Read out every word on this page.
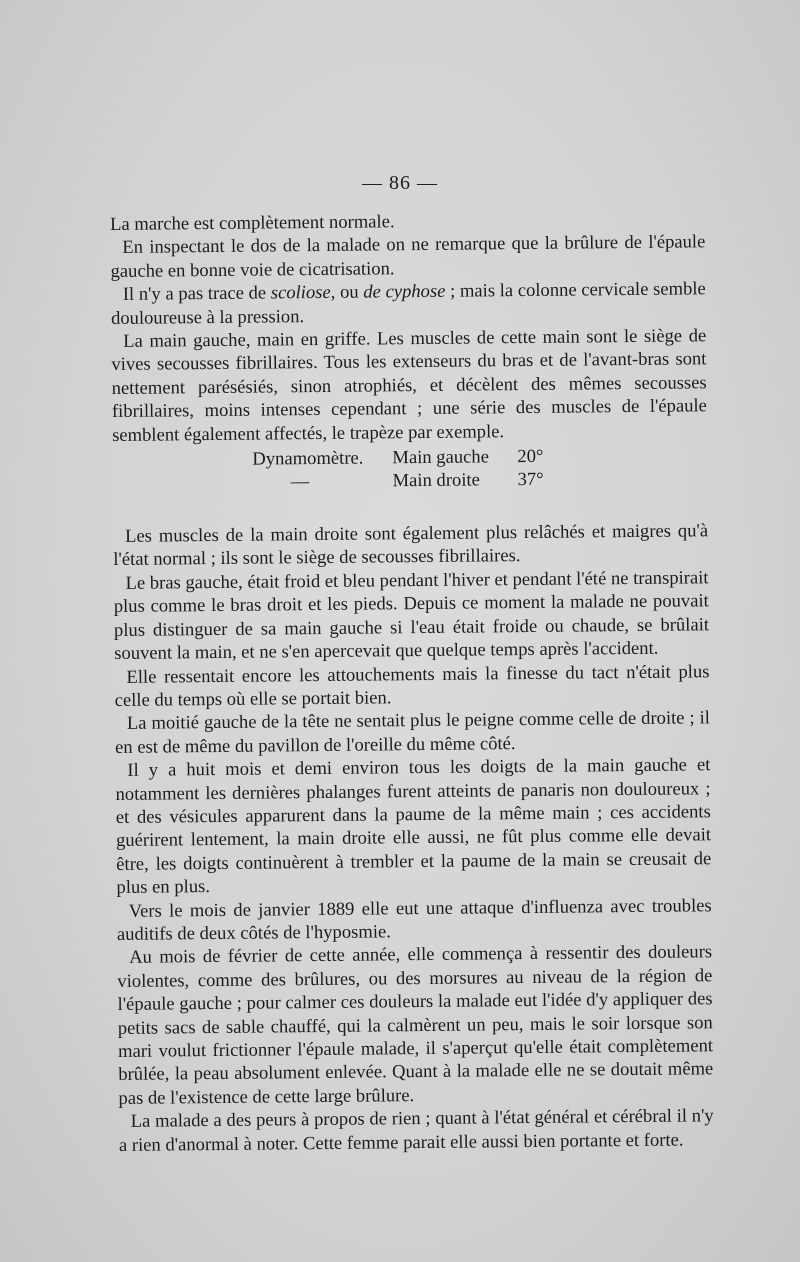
— 86 —

La marche est complètement normale.

En inspectant le dos de la malade on ne remarque que la brûlure de l'épaule gauche en bonne voie de cicatrisation.

Il n'y a pas trace de scoliose, ou de cyphose ; mais la colonne cervicale semble douloureuse à la pression.

La main gauche, main en griffe. Les muscles de cette main sont le siège de vives secousses fibrillaires. Tous les extenseurs du bras et de l'avant-bras sont nettement parésésiés, sinon atrophiés, et décèlent des mêmes secousses fibrillaires, moins intenses cependant ; une série des muscles de l'épaule semblent également affectés, le trapèze par exemple.

Dynamomètre. Main gauche 20°
—	Main droite 37°

Les muscles de la main droite sont également plus relâchés et maigres qu'à l'état normal ; ils sont le siège de secousses fibrillaires.

Le bras gauche, était froid et bleu pendant l'hiver et pendant l'été ne transpirait plus comme le bras droit et les pieds. Depuis ce moment la malade ne pouvait plus distinguer de sa main gauche si l'eau était froide ou chaude, se brûlait souvent la main, et ne s'en apercevait que quelque temps après l'accident.

Elle ressentait encore les attouchements mais la finesse du tact n'était plus celle du temps où elle se portait bien.

La moitié gauche de la tête ne sentait plus le peigne comme celle de droite ; il en est de même du pavillon de l'oreille du même côté.

Il y a huit mois et demi environ tous les doigts de la main gauche et notamment les dernières phalanges furent atteints de panaris non douloureux ; et des vésicules apparurent dans la paume de la même main ; ces accidents guérirent lentement, la main droite elle aussi, ne fût plus comme elle devait être, les doigts continuèrent à trembler et la paume de la main se creusait de plus en plus.

Vers le mois de janvier 1889 elle eut une attaque d'influenza avec troubles auditifs de deux côtés de l'hyposmie.

Au mois de février de cette année, elle commença à ressentir des douleurs violentes, comme des brûlures, ou des morsures au niveau de la région de l'épaule gauche ; pour calmer ces douleurs la malade eut l'idée d'y appliquer des petits sacs de sable chauffé, qui la calmèrent un peu, mais le soir lorsque son mari voulut frictionner l'épaule malade, il s'aperçut qu'elle était complètement brûlée, la peau absolument enlevée. Quant à la malade elle ne se doutait même pas de l'existence de cette large brûlure.

La malade a des peurs à propos de rien ; quant à l'état général et cérébral il n'y a rien d'anormal à noter. Cette femme parait elle aussi bien portante et forte.
